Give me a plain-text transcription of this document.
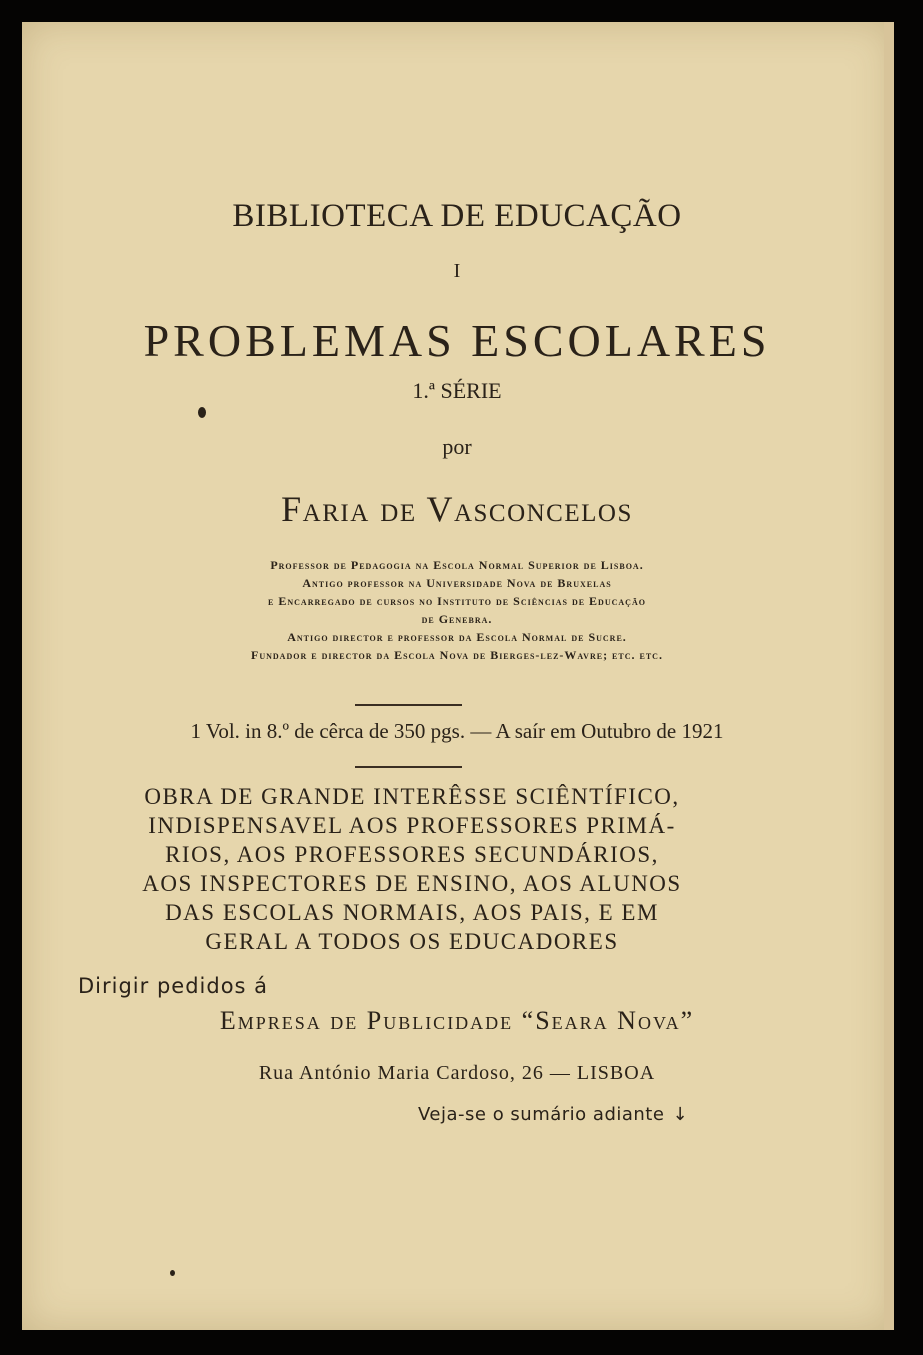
BIBLIOTECA DE EDUCAÇÃO
I
PROBLEMAS ESCOLARES
1.ª SÉRIE
por
Faria de Vasconcelos
Professor de Pedagogia na Escola Normal Superior de Lisboa.
Antigo professor na Universidade Nova de Bruxelas
e Encarregado de cursos no Instituto de Sciências de Educação
de Genebra.
Antigo director e professor da Escola Normal de Sucre.
Fundador e director da Escola Nova de Bierges-lez-Wavre; etc. etc.
1 Vol. in 8.º de cêrca de 350 pgs. — A saír em Outubro de 1921
OBRA DE GRANDE INTERÊSSE SCIÊNTÍFICO,
INDISPENSAVEL AOS PROFESSORES PRIMÁ-
RIOS, AOS PROFESSORES SECUNDÁRIOS,
AOS INSPECTORES DE ENSINO, AOS ALUNOS
DAS ESCOLAS NORMAIS, AOS PAIS, E EM
GERAL A TODOS OS EDUCADORES
Dirigir pedidos á
Empresa de Publicidade “Seara Nova”
Rua António Maria Cardoso, 26 — LISBOA
Veja-se o sumário adiante ↓
